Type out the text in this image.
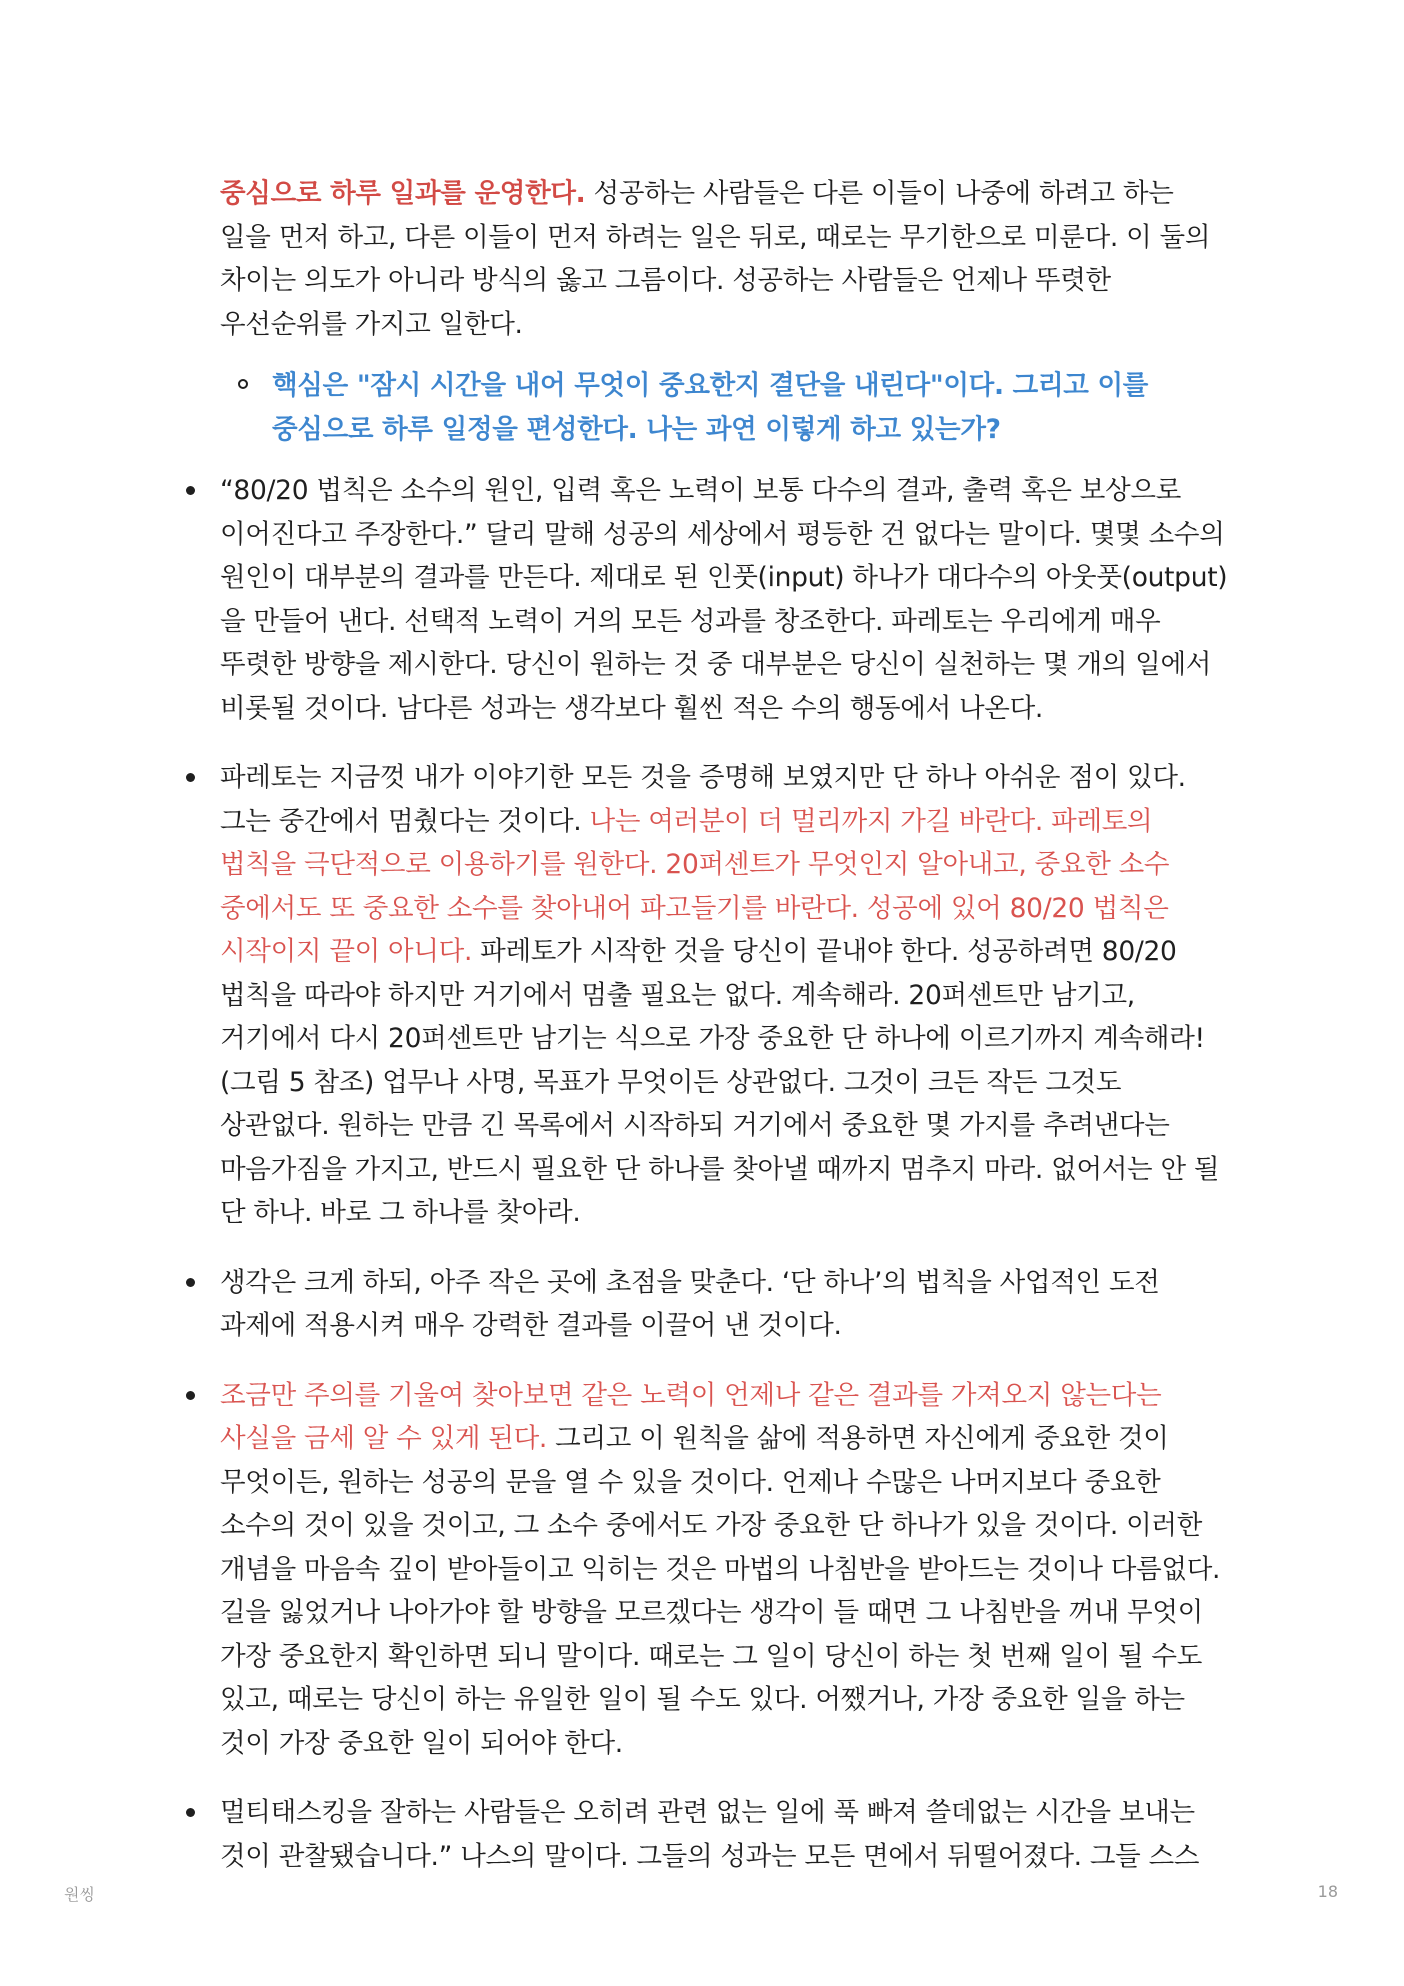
중심으로 하루 일과를 운영한다. 성공하는 사람들은 다른 이들이 나중에 하려고 하는 일을 먼저 하고, 다른 이들이 먼저 하려는 일은 뒤로, 때로는 무기한으로 미룬다. 이 둘의 차이는 의도가 아니라 방식의 옳고 그름이다. 성공하는 사람들은 언제나 뚜렷한 우선순위를 가지고 일한다.

핵심은 "잠시 시간을 내어 무엇이 중요한지 결단을 내린다"이다. 그리고 이를 중심으로 하루 일정을 편성한다. 나는 과연 이렇게 하고 있는가?
“80/20 법칙은 소수의 원인, 입력 혹은 노력이 보통 다수의 결과, 출력 혹은 보상으로 이어진다고 주장한다.” 달리 말해 성공의 세상에서 평등한 건 없다는 말이다. 몇몇 소수의 원인이 대부분의 결과를 만든다. 제대로 된 인풋(input) 하나가 대다수의 아웃풋(output)을 만들어 낸다. 선택적 노력이 거의 모든 성과를 창조한다. 파레토는 우리에게 매우 뚜렷한 방향을 제시한다. 당신이 원하는 것 중 대부분은 당신이 실천하는 몇 개의 일에서 비롯될 것이다. 남다른 성과는 생각보다 훨씬 적은 수의 행동에서 나온다.
파레토는 지금껏 내가 이야기한 모든 것을 증명해 보였지만 단 하나 아쉬운 점이 있다. 그는 중간에서 멈췄다는 것이다. 나는 여러분이 더 멀리까지 가길 바란다. 파레토의 법칙을 극단적으로 이용하기를 원한다. 20퍼센트가 무엇인지 알아내고, 중요한 소수 중에서도 또 중요한 소수를 찾아내어 파고들기를 바란다. 성공에 있어 80/20 법칙은 시작이지 끝이 아니다. 파레토가 시작한 것을 당신이 끝내야 한다. 성공하려면 80/20 법칙을 따라야 하지만 거기에서 멈출 필요는 없다. 계속해라. 20퍼센트만 남기고, 거기에서 다시 20퍼센트만 남기는 식으로 가장 중요한 단 하나에 이르기까지 계속해라! (그림 5 참조) 업무나 사명, 목표가 무엇이든 상관없다. 그것이 크든 작든 그것도 상관없다. 원하는 만큼 긴 목록에서 시작하되 거기에서 중요한 몇 가지를 추려낸다는 마음가짐을 가지고, 반드시 필요한 단 하나를 찾아낼 때까지 멈추지 마라. 없어서는 안 될 단 하나. 바로 그 하나를 찾아라.
생각은 크게 하되, 아주 작은 곳에 초점을 맞춘다. ‘단 하나’의 법칙을 사업적인 도전 과제에 적용시켜 매우 강력한 결과를 이끌어 낸 것이다.
조금만 주의를 기울여 찾아보면 같은 노력이 언제나 같은 결과를 가져오지 않는다는 사실을 금세 알 수 있게 된다. 그리고 이 원칙을 삶에 적용하면 자신에게 중요한 것이 무엇이든, 원하는 성공의 문을 열 수 있을 것이다. 언제나 수많은 나머지보다 중요한 소수의 것이 있을 것이고, 그 소수 중에서도 가장 중요한 단 하나가 있을 것이다. 이러한 개념을 마음속 깊이 받아들이고 익히는 것은 마법의 나침반을 받아드는 것이나 다름없다. 길을 잃었거나 나아가야 할 방향을 모르겠다는 생각이 들 때면 그 나침반을 꺼내 무엇이 가장 중요한지 확인하면 되니 말이다. 때로는 그 일이 당신이 하는 첫 번째 일이 될 수도 있고, 때로는 당신이 하는 유일한 일이 될 수도 있다. 어쨌거나, 가장 중요한 일을 하는 것이 가장 중요한 일이 되어야 한다.
멀티태스킹을 잘하는 사람들은 오히려 관련 없는 일에 푹 빠져 쓸데없는 시간을 보내는 것이 관찰됐습니다.” 나스의 말이다. 그들의 성과는 모든 면에서 뒤떨어졌다. 그들 스스
원씽	18
